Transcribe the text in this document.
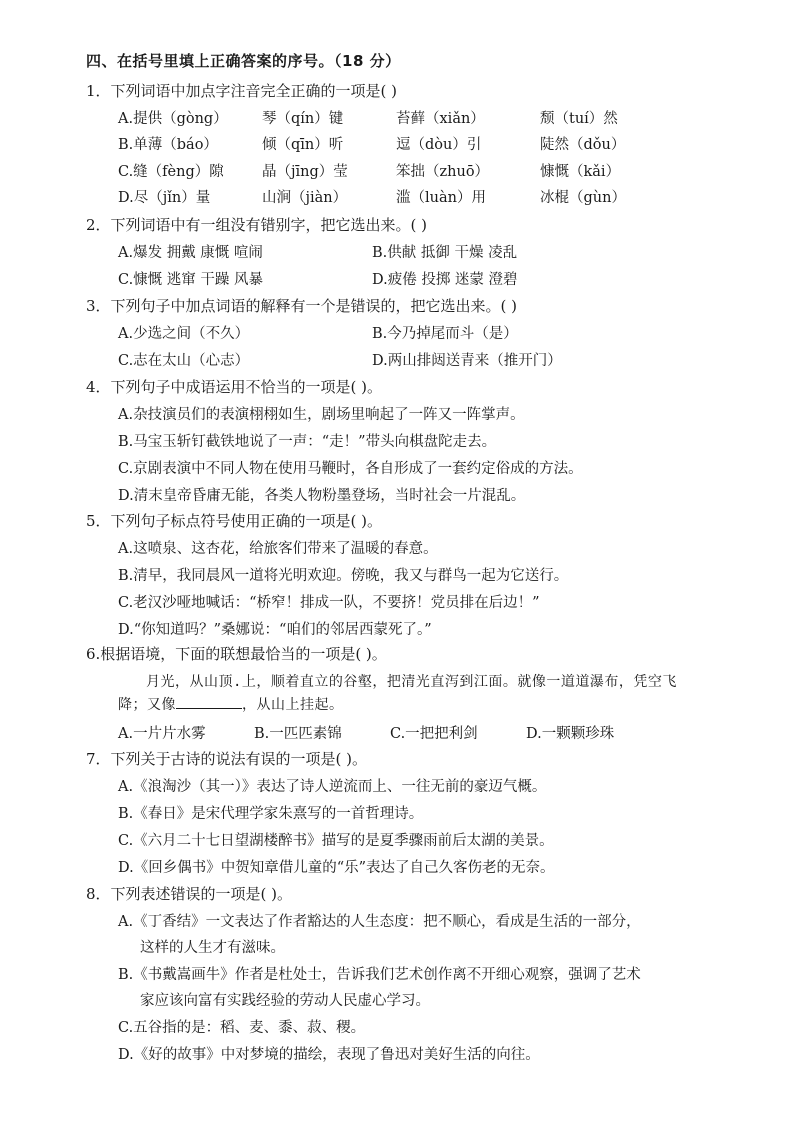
四、在括号里填上正确答案的序号。（18 分）
1．下列词语中加点字注音完全正确的一项是( )
A.提供（gòng） 琴（qín）键	苔藓（xiǎn）	颓（tuí）然
B.单薄（báo）	倾（qīn）听	逗（dòu）引	陡然（dǒu）
C.缝（fèng）隙	晶（jīng）莹	笨拙（zhuō）	慷慨（kǎi）
D.尽（jǐn）量	山涧（jiàn）	滥（luàn）用	冰棍（gùn）
2．下列词语中有一组没有错别字，把它选出来。( )
A.爆发 拥戴 康慨 喧闹	B.供献 抵御 干燥 凌乱
C.慷慨 逃窜 干躁 风暴	D.疲倦 投掷 迷蒙 澄碧
3．下列句子中加点词语的解释有一个是错误的，把它选出来。( )
A.少选之间（不久）	B.今乃掉尾而斗（是）
C.志在太山（心志）	D.两山排闼送青来（推开门）
4．下列句子中成语运用不恰当的一项是( )。
A.杂技演员们的表演栩栩如生，剧场里响起了一阵又一阵掌声。
B.马宝玉斩钉截铁地说了一声：“走！”带头向棋盘陀走去。
C.京剧表演中不同人物在使用马鞭时，各自形成了一套约定俗成的方法。
D.清末皇帝昏庸无能，各类人物粉墨登场，当时社会一片混乱。
5．下列句子标点符号使用正确的一项是( )。
A.这喷泉、这杏花，给旅客们带来了温暖的春意。
B.清早，我同晨风一道将光明欢迎。傍晚，我又与群鸟一起为它送行。
C.老汉沙哑地喊话：“桥窄！排成一队，不要挤！党员排在后边！”
D.“你知道吗？”桑娜说：“咱们的邻居西蒙死了。”
6.根据语境，下面的联想最恰当的一项是( )。
月光，从山顶.上，顺着直立的谷壑，把清光直泻到江面。就像一道道瀑布，凭空飞
降；又像	，从山上挂起。
A.一片片水雾	B.一匹匹素锦	C.一把把利剑	D.一颗颗珍珠
7．下列关于古诗的说法有误的一项是( )。
A.《浪淘沙（其一）》表达了诗人逆流而上、一往无前的豪迈气概。
B.《春日》是宋代理学家朱熹写的一首哲理诗。
C.《六月二十七日望湖楼醉书》描写的是夏季骤雨前后太湖的美景。
D.《回乡偶书》中贺知章借儿童的“乐”表达了自己久客伤老的无奈。
8．下列表述错误的一项是( )。
A.《丁香结》一文表达了作者豁达的人生态度：把不顺心，看成是生活的一部分，
这样的人生才有滋味。
B.《书戴嵩画牛》作者是杜处士，告诉我们艺术创作离不开细心观察，强调了艺术
家应该向富有实践经验的劳动人民虚心学习。
C.五谷指的是：稻、麦、黍、菽、稷。
D.《好的故事》中对梦境的描绘，表现了鲁迅对美好生活的向往。
